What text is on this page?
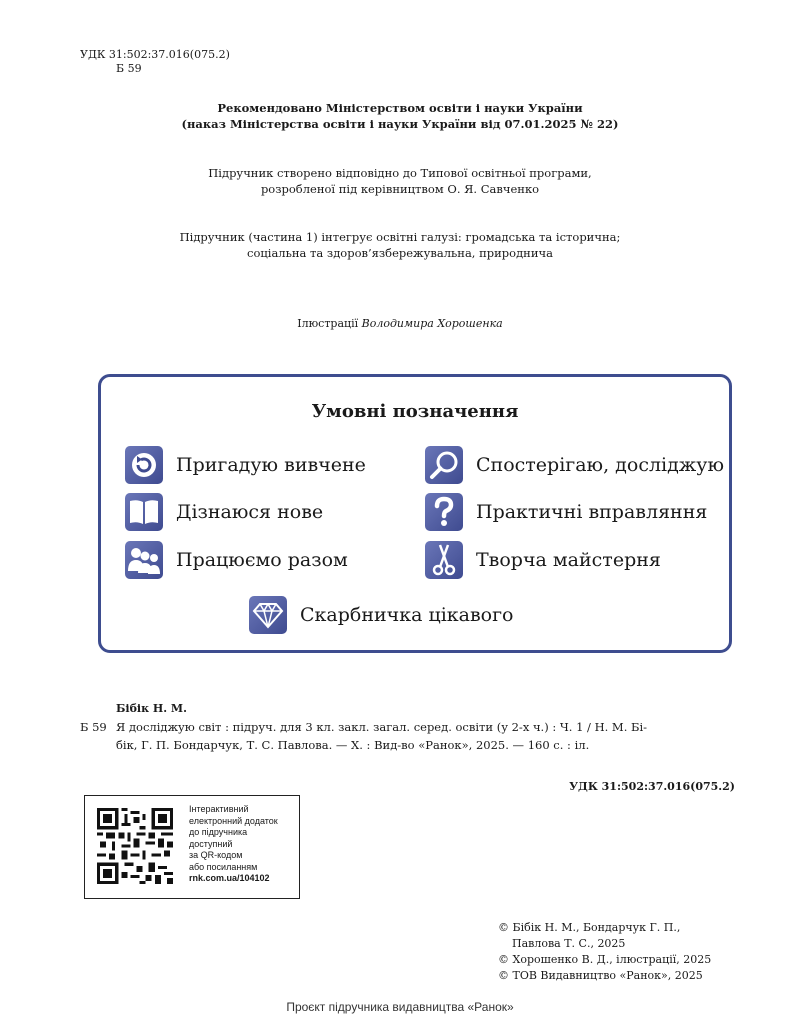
УДК 31:502:37.016(075.2)
Б 59
Рекомендовано Міністерством освіти і науки України
(наказ Міністерства освіти і науки України від 07.01.2025 № 22)
Підручник створено відповідно до Типової освітньої програми,
розробленої під керівництвом О. Я. Савченко
Підручник (частина 1) інтегрує освітні галузі: громадська та історична;
соціальна та здоров’язбережувальна, природнича
Ілюстрації Володимира Хорошенка
Умовні позначення
Пригадую вивчене	Спостерігаю, досліджую
Дізнаюся нове	Практичні вправляння
Працюємо разом	Творча майстерня
Скарбничка цікавого
Бібік Н. М.
Б 59 Я досліджую світ : підруч. для 3 кл. закл. загал. серед. освіти (у 2-х ч.) : Ч. 1 / Н. М. Бі-
бік, Г. П. Бондарчук, Т. С. Павлова. — Х. : Вид-во «Ранок», 2025. — 160 с. : іл.
УДК 31:502:37.016(075.2)
Інтерактивний
електронний додаток
до підручника
доступний
за QR-кодом
або посиланням
rnk.com.ua/104102
© Бібік Н. М., Бондарчук Г. П.,
Павлова Т. С., 2025
© Хорошенко В. Д., ілюстрації, 2025
© ТОВ Видавництво «Ранок», 2025
Проєкт підручника видавництва «Ранок»
